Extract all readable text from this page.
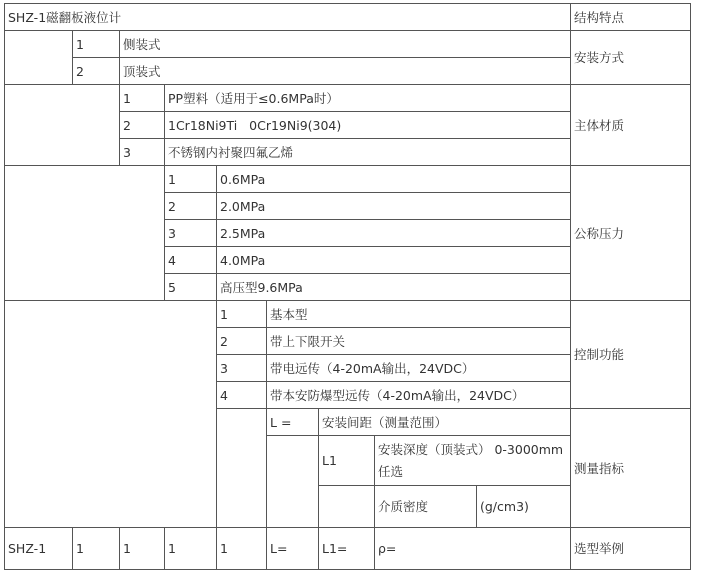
SHZ-1磁翻板液位计									结构特点
	1	侧装式							安装方式
	2	顶装式							
		1	PP塑料（适用于≤0.6MPa时）						主体材质
		2	1Cr18Ni9Ti   0Cr19Ni9(304)						
		3	不锈钢内衬聚四氟乙烯						
			1	0.6MPa					公称压力
			2	2.0MPa					
			3	2.5MPa					
			4	4.0MPa					
			5	高压型9.6MPa					
				1	基本型				控制功能
				2	带上下限开关				
				3	带电远传（4-20mA输出，24VDC）				
				4	带本安防爆型远传（4-20mA输出，24VDC）				
					L =	安装间距（测量范围）			测量指标
						L1	安装深度（顶装式） 0-3000mm任选		
							介质密度	(g/cm3)	
SHZ-1	1	1	1	1	L=	L1=	ρ=		选型举例
